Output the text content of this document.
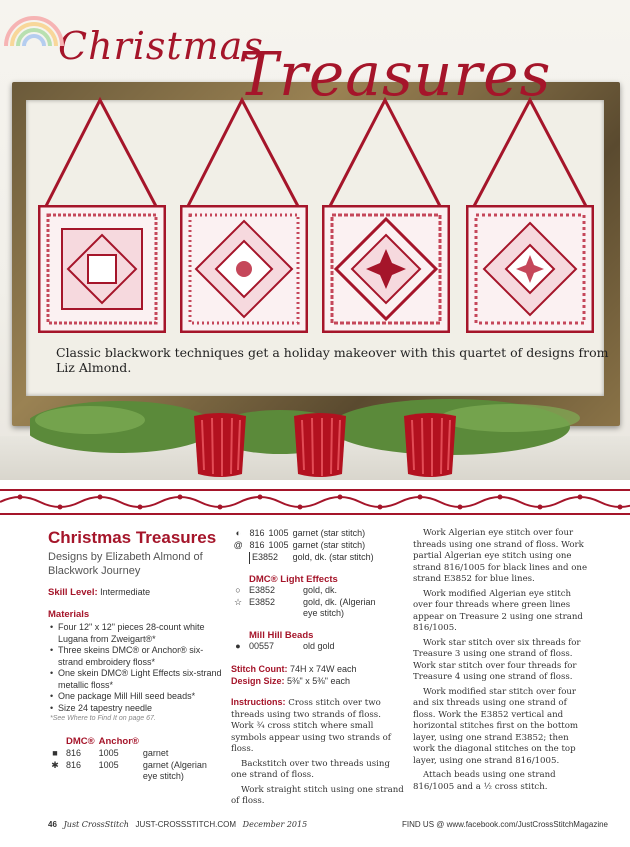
Classic blackwork techniques get a holiday makeover with this quartet of designs from Liz Almond.
Christmas
Treasures
Christmas Treasures
Designs by Elizabeth Almond of Blackwork Journey
Skill Level: Intermediate
Materials
• Four 12" x 12" pieces 28-count white Lugana from Zweigart®*
• Three skeins DMC® or Anchor® six-strand embroidery floss*
• One skein DMC® Light Effects six-strand metallic floss*
• One package Mill Hill seed beads*
• Size 24 tapestry needle
*See Where to Find It on page 67.
	DMC®	Anchor®	
■	816	1005	garnet
✱	816	1005	garnet (Algerian eye stitch)
◐	816	1005	garnet (star stitch)
@	816	1005	garnet (star stitch)
	E3852		gold, dk. (star stitch)
DMC® Light Effects
○	E3852	gold, dk.
☆	E3852	gold, dk. (Algerian eye stitch)
Mill Hill Beads
●	00557	old gold
Stitch Count: 74H x 74W each
Design Size: 5⅜" x 5⅜" each

Instructions: Cross stitch over two threads using two strands of floss. Work ¾ cross stitch where small symbols appear using two strands of floss.

Backstitch over two threads using one strand of floss.

Work straight stitch using one strand of floss.

Work Algerian eye stitch over four threads using one strand of floss. Work partial Algerian eye stitch using one strand 816/1005 for black lines and one strand E3852 for blue lines.

Work modified Algerian eye stitch over four threads where green lines appear on Treasure 2 using one strand 816/1005.

Work star stitch over six threads for Treasure 3 using one strand of floss. Work star stitch over four threads for Treasure 4 using one strand of floss.

Work modified star stitch over four and six threads using one strand of floss. Work the E3852 vertical and horizontal stitches first on the bottom layer, using one strand E3852; then work the diagonal stitches on the top layer, using one strand 816/1005.

Attach beads using one strand 816/1005 and a ½ cross stitch.

46 Just CrossStitch JUST-CROSSSTITCH.COM December 2015	FIND US @ www.facebook.com/JustCrossStitchMagazine
